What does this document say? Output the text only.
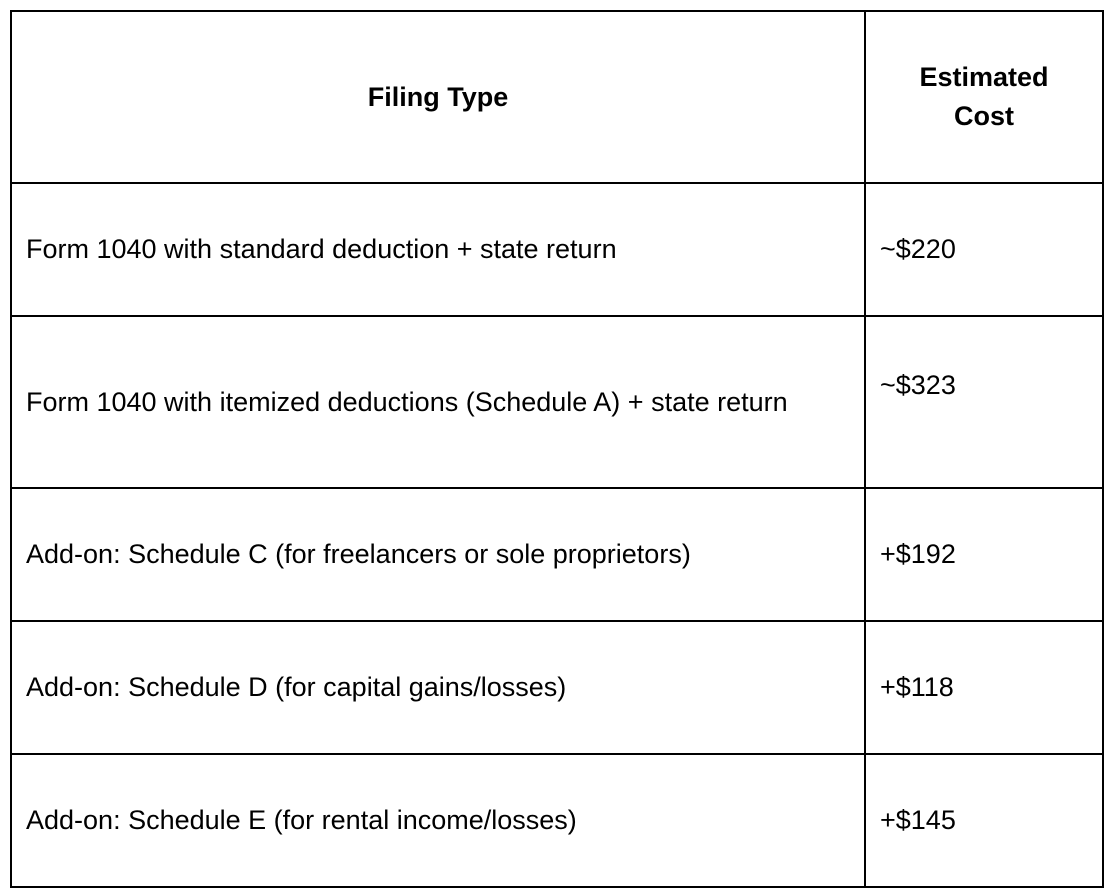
Filing Type	Estimated Cost
Form 1040 with standard deduction + state return	~$220
Form 1040 with itemized deductions (Schedule A) + state return	~$323
Add-on: Schedule C (for freelancers or sole proprietors)	+$192
Add-on: Schedule D (for capital gains/losses)	+$118
Add-on: Schedule E (for rental income/losses)	+$145
